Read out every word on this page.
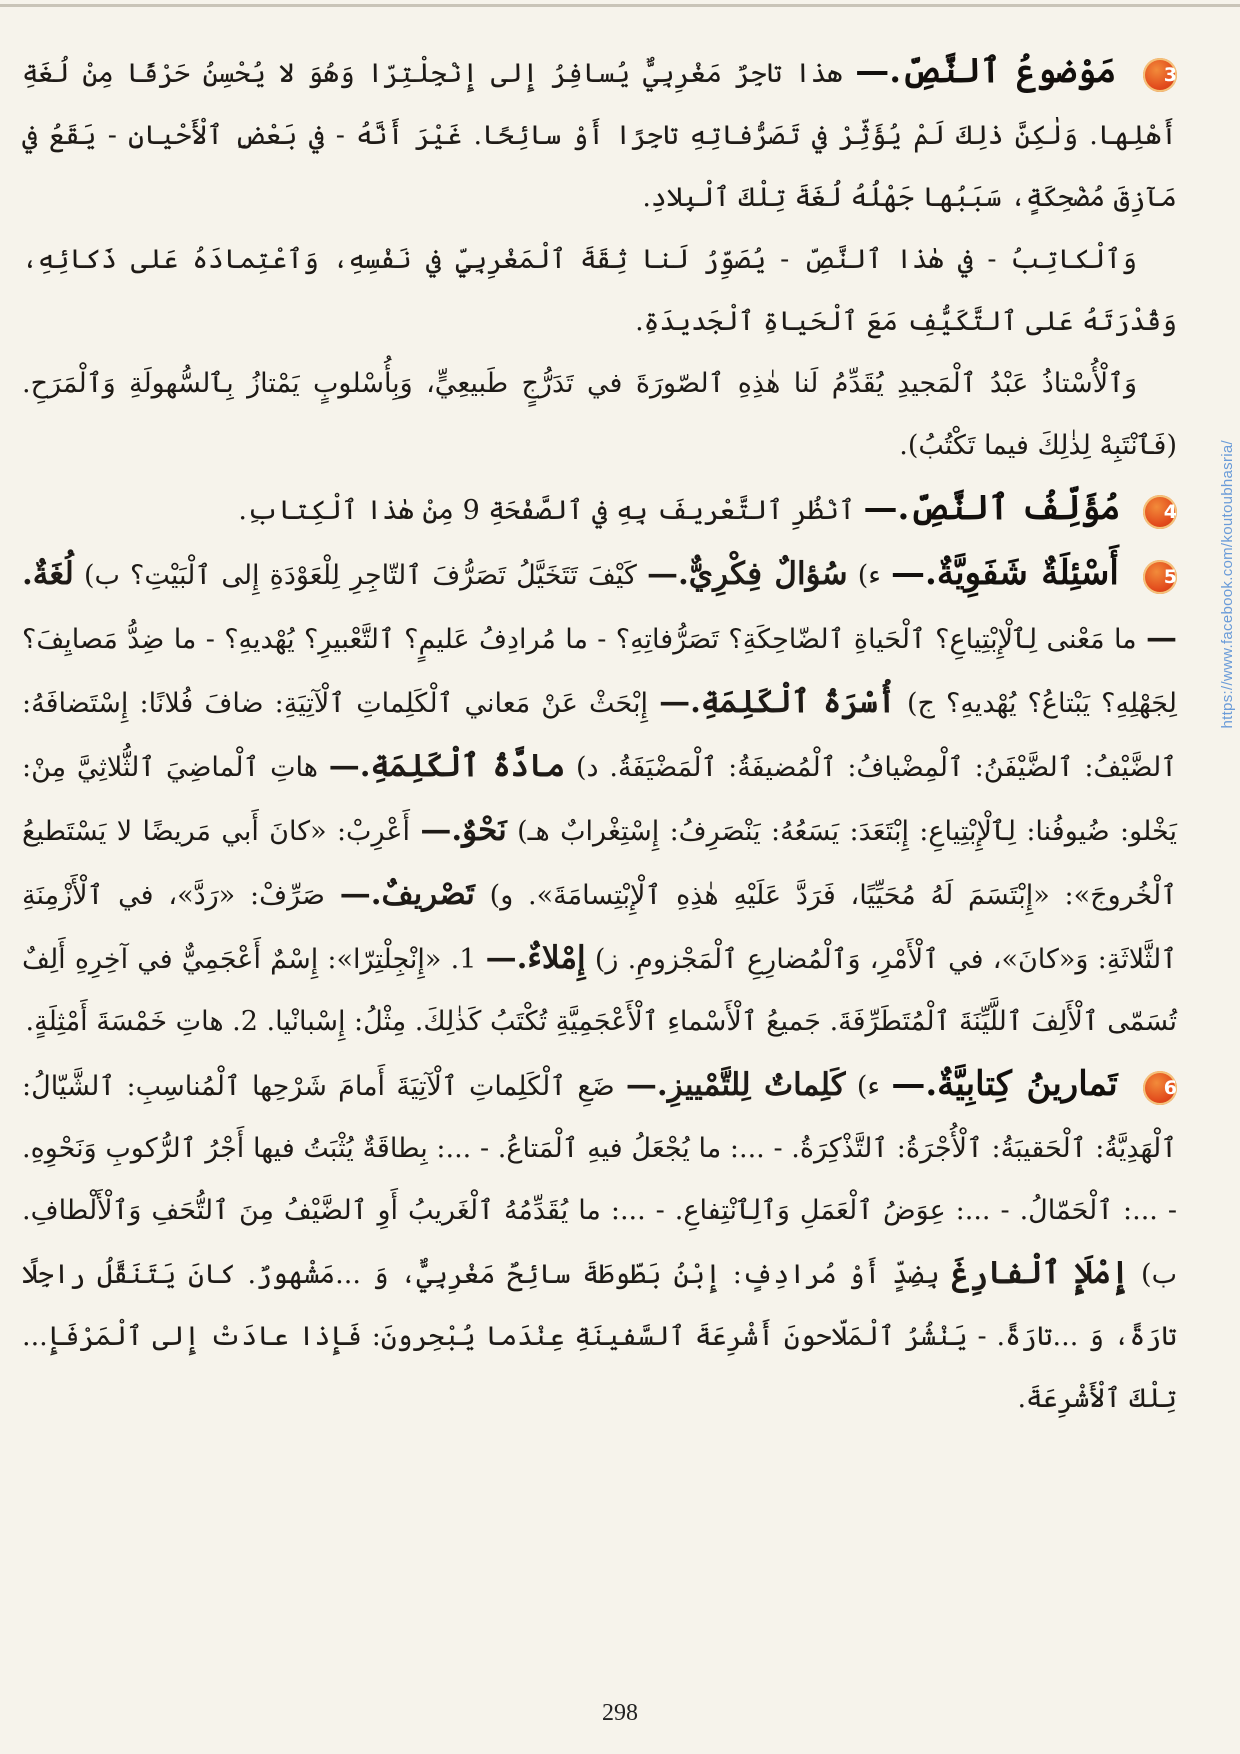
3 مَوْضوعُ ٱلنَّصِّ.— هذا تاجِرٌ مَغْرِبِيٌّ يُسافِرُ إِلى إِنْجِلْتِرّا وَهُوَ لا يُحْسِنُ حَرْفًا مِنْ لُغَةِ أَهْلِها. وَلٰكِنَّ ذٰلِكَ لَمْ يُؤَثِّرْ في تَصَرُّفاتِهِ تاجِرًا أَوْ سائِحًا. غَيْرَ أَنَّهُ - في بَعْضِ ٱلْأَحْيانِ - يَقَعُ في مَآزِقَ مُضْحِكَةٍ، سَبَبُها جَهْلُهُ لُغَةَ تِلْكَ ٱلْبِلادِ.

وَٱلْكاتِبُ - في هٰذا ٱلنَّصِّ - يُصَوِّرُ لَنا ثِقَةَ ٱلْمَغْرِبِيِّ في نَفْسِهِ، وَٱعْتِمادَهُ عَلى ذَكائِهِ، وَقُدْرَتَهُ عَلى ٱلتَّكَيُّفِ مَعَ ٱلْحَياةِ ٱلْجَديدَةِ.

وَٱلْأُسْتاذُ عَبْدُ ٱلْمَجيدِ يُقَدِّمُ لَنا هٰذِهِ ٱلصّورَةَ في تَدَرُّجٍ طَبيعِيٍّ، وَبِأُسْلوبٍ يَمْتازُ بِٱلسُّهولَةِ وَٱلْمَرَحِ. (فَٱنْتَبِهْ لِذٰلِكَ فيما تَكْتُبُ).

4 مُؤَلِّفُ ٱلنَّصِّ.— ٱنْظُرِ ٱلتَّعْريفَ بِهِ في ٱلصَّفْحَةِ 9 مِنْ هٰذا ٱلْكِتابِ.

5 أَسْئِلَةٌ شَفَوِيَّةٌ.— ء) سُؤالٌ فِكْرِيٌّ.— كَيْفَ تَتَخَيَّلُ تَصَرُّفَ ٱلتّاجِرِ لِلْعَوْدَةِ إِلى ٱلْبَيْتِ؟ ب) لُغَةٌ.— ما مَعْنى لِٱلْإِبْتِياعِ؟ ٱلْحَياةِ ٱلضّاحِكَةِ؟ تَصَرُّفاتِهِ؟ - ما مُرادِفُ عَليمٍ؟ ٱلتَّعْبيرِ؟ يُهْديهِ؟ - ما ضِدُّ مَصايِفَ؟ لِجَهْلِهِ؟ يَبْتاعُ؟ يُهْديهِ؟ ج) أُسْرَةُ ٱلْكَلِمَةِ.— إِبْحَثْ عَنْ مَعاني ٱلْكَلِماتِ ٱلْآتِيَةِ: ضافَ فُلانًا: إِسْتَضافَهُ: ٱلضَّيْفُ: ٱلضَّيْفَنُ: ٱلْمِضْيافُ: ٱلْمُضيفَةُ: ٱلْمَضْيَفَةُ. د) مادَّةُ ٱلْكَلِمَةِ.— هاتِ ٱلْماضِيَ ٱلثُّلاثِيَّ مِنْ: يَخْلو: ضُيوفُنا: لِٱلْإِبْتِياعِ: إِبْتَعَدَ: يَسَعُهُ: يَنْصَرِفُ: إِسْتِغْرابٌ هـ) نَحْوٌ.— أَعْرِبْ: «كانَ أَبي مَريضًا لا يَسْتَطيعُ ٱلْخُروجَ»: «إِبْتَسَمَ لَهُ مُحَيِّيًا، فَرَدَّ عَلَيْهِ هٰذِهِ ٱلْإِبْتِسامَةَ». و) تَصْريفٌ.— صَرِّفْ: «رَدَّ»، في ٱلْأَزْمِنَةِ ٱلثَّلاثَةِ: وَ«كانَ»، في ٱلْأَمْرِ، وَٱلْمُضارِعِ ٱلْمَجْزومِ. ز) إِمْلاءٌ.— 1. «إِنْجِلْتِرّا»: إِسْمٌ أَعْجَمِيٌّ في آخِرِهِ أَلِفٌ تُسَمّى ٱلْأَلِفَ ٱللَّيِّنَةَ ٱلْمُتَطَرِّفَةَ. جَميعُ ٱلْأَسْماءِ ٱلْأَعْجَمِيَّةِ تُكْتَبُ كَذٰلِكَ. مِثْلُ: إِسْبانْيا. 2. هاتِ خَمْسَةَ أَمْثِلَةٍ.

6 تَمارينُ كِتابِيَّةٌ.— ء) كَلِماتٌ لِلتَّمْييزِ.— ضَعِ ٱلْكَلِماتِ ٱلْآتِيَةَ أَمامَ شَرْحِها ٱلْمُناسِبِ: ٱلشَّيّالُ: ٱلْهَدِيَّةُ: ٱلْحَقيبَةُ: ٱلْأُجْرَةُ: ٱلتَّذْكِرَةُ. - ...: ما يُجْعَلُ فيهِ ٱلْمَتاعُ. - ...: بِطاقَةٌ يُثْبَتُ فيها أَجْرُ ٱلرُّكوبِ وَنَحْوِهِ. - ...: ٱلْحَمّالُ. - ...: عِوَضُ ٱلْعَمَلِ وَٱلِٱنْتِفاعِ. - ...: ما يُقَدِّمُهُ ٱلْغَريبُ أَوِ ٱلضَّيْفُ مِنَ ٱلتُّحَفِ وَٱلْأَلْطافِ. ب) إِمْلَإِ ٱلْفارِغَ بِضِدٍّ أَوْ مُرادِفٍ: إِبْنُ بَطّوطَةَ سائِحٌ مَغْرِبِيٌّ، وَ ...مَشْهورٌ. كانَ يَتَنَقَّلُ راجِلًا تارَةً، وَ ...تارَةً. - يَنْشُرُ ٱلْمَلّاحونَ أَشْرِعَةَ ٱلسَّفينَةِ عِنْدَما يُبْحِرونَ: فَإِذا عادَتْ إِلى ٱلْمَرْفَإِ... تِلْكَ ٱلْأَشْرِعَةَ.

https://www.facebook.com/koutoubhasria/
298
